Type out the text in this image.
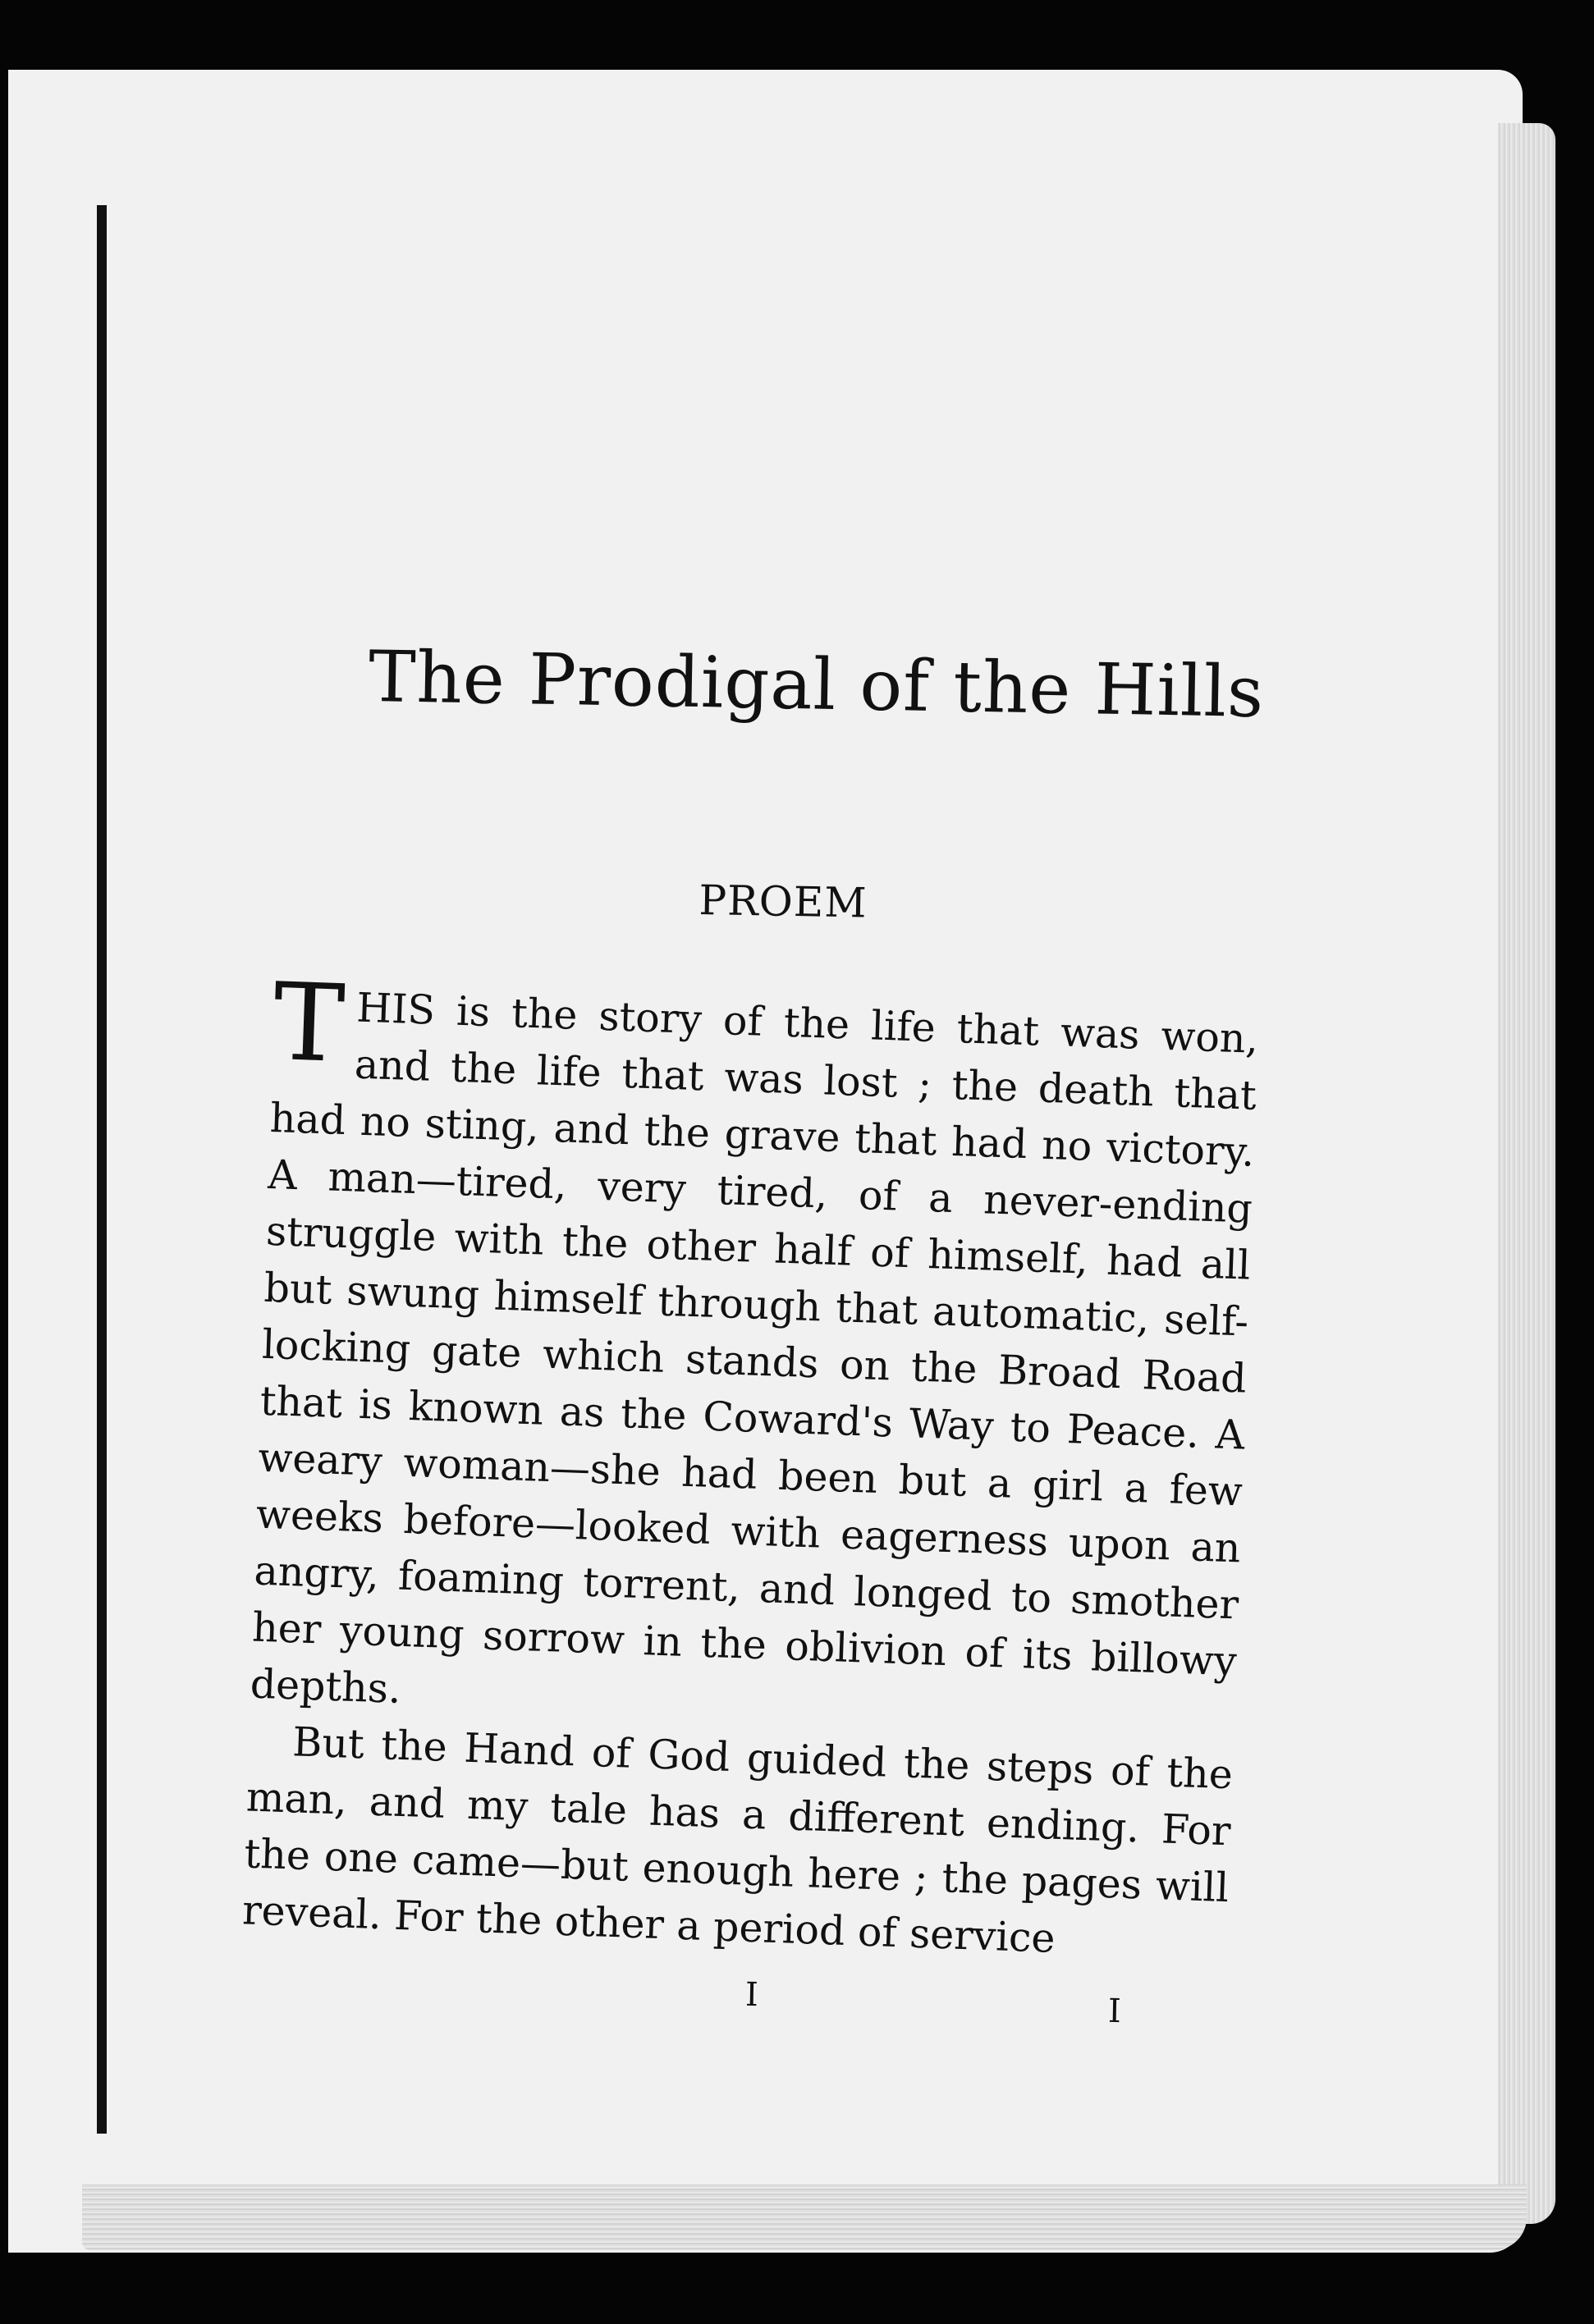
The Prodigal of the Hills
PROEM

THIS is the story of the life that was won, and the life that was lost ; the death that had no sting, and the grave that had no victory. A man—tired, very tired, of a never-ending struggle with the other half of himself, had all but swung himself through that automatic, self-locking gate which stands on the Broad Road that is known as the Coward's Way to Peace. A weary woman—she had been but a girl a few weeks before—looked with eagerness upon an angry, foaming torrent, and longed to smother her young sorrow in the oblivion of its billowy depths.

But the Hand of God guided the steps of the man, and my tale has a different ending. For the one came—but enough here ; the pages will reveal. For the other a period of service

I	I
